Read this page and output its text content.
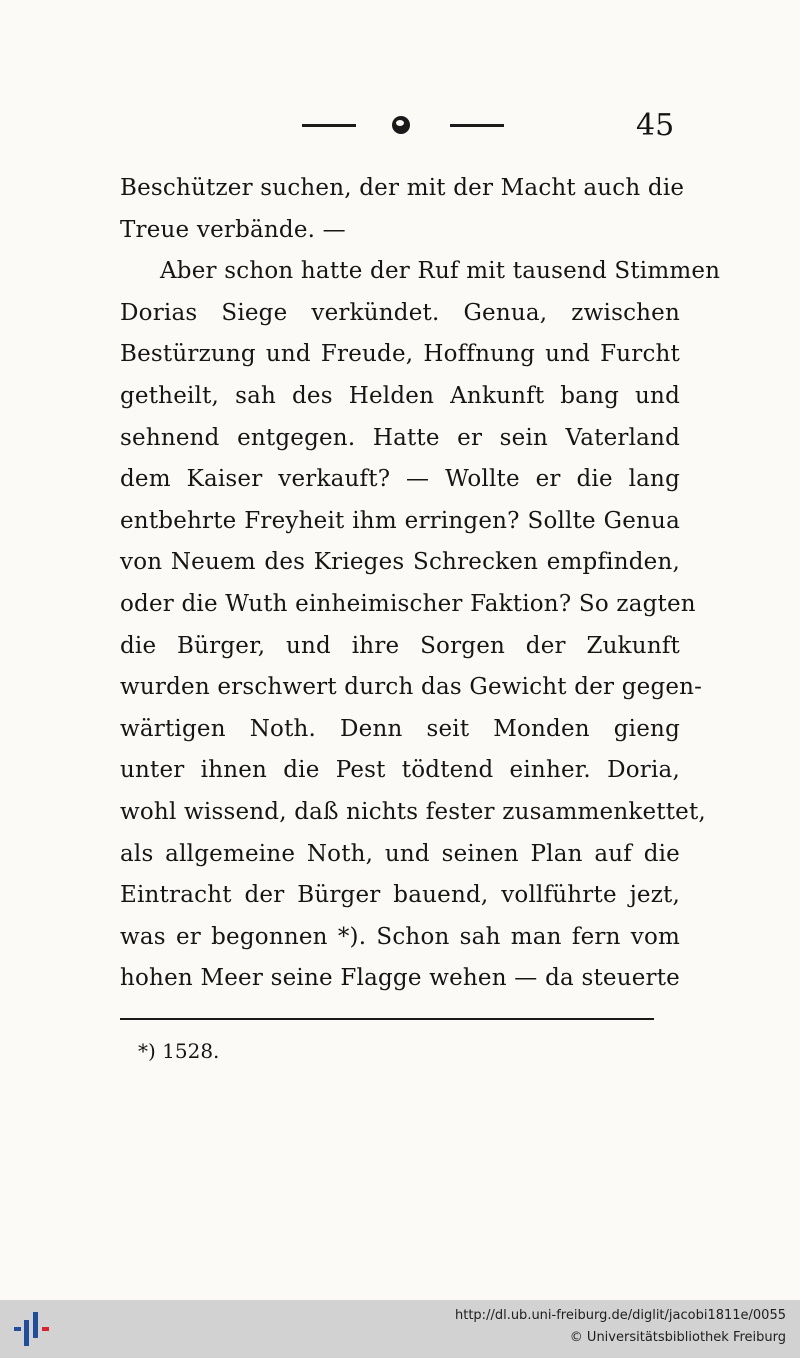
45
Beschützer suchen, der mit der Macht auch die
Treue verbände. —
Aber schon hatte der Ruf mit tausend Stimmen
Dorias Siege verkündet. Genua, zwischen
Bestürzung und Freude, Hoffnung und Furcht
getheilt, sah des Helden Ankunft bang und
sehnend entgegen. Hatte er sein Vaterland
dem Kaiser verkauft? — Wollte er die lang
entbehrte Freyheit ihm erringen? Sollte Genua
von Neuem des Krieges Schrecken empfinden,
oder die Wuth einheimischer Faktion? So zagten
die Bürger, und ihre Sorgen der Zukunft
wurden erschwert durch das Gewicht der gegen-
wärtigen Noth. Denn seit Monden gieng
unter ihnen die Pest tödtend einher. Doria,
wohl wissend, daß nichts fester zusammenkettet,
als allgemeine Noth, und seinen Plan auf die
Eintracht der Bürger bauend, vollführte jezt,
was er begonnen *). Schon sah man fern vom
hohen Meer seine Flagge wehen — da steuerte
*) 1528.
http://dl.ub.uni-freiburg.de/diglit/jacobi1811e/0055
© Universitätsbibliothek Freiburg
